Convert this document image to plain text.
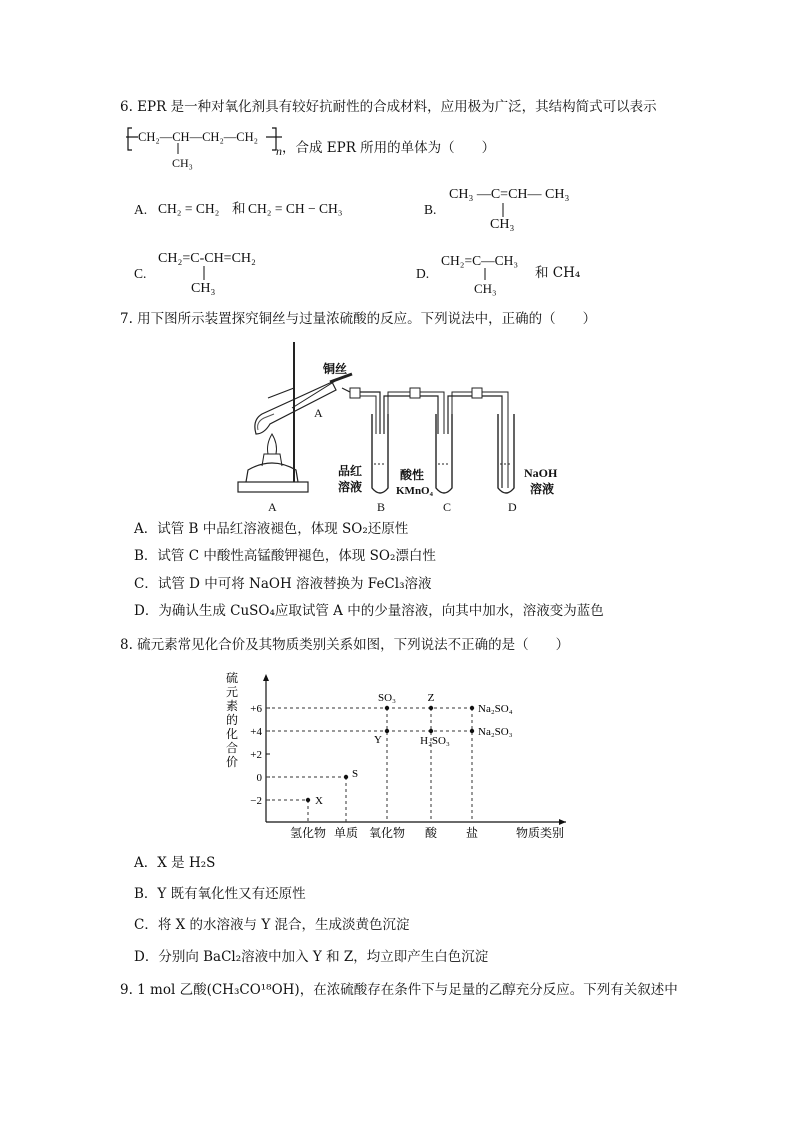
6. EPR 是一种对氧化剂具有较好抗耐性的合成材料，应用极为广泛，其结构简式可以表示
CH₂—CH—CH₂—CH₂
CH₃
n ，合成 EPR 所用的单体为（　　）
A. CH₂ = CH₂ 和 CH₂ = CH − CH₃	B.
CH₃ —C=CH— CH₃
CH₃
C.
CH₂=C-CH=CH₂
CH₃
D.
CH₂=C—CH₃
CH₃
和 CH₄
7. 用下图所示装置探究铜丝与过量浓硫酸的反应。下列说法中，正确的（　　）
铜丝
A
品红
溶液
酸性
KMnO₄
NaOH
溶液
A	B	C	D
A．试管 B 中品红溶液褪色，体现 SO₂还原性
B．试管 C 中酸性高锰酸钾褪色，体现 SO₂漂白性
C．试管 D 中可将 NaOH 溶液替换为 FeCl₃溶液
D．为确认生成 CuSO₄应取试管 A 中的少量溶液，向其中加水，溶液变为蓝色
8. 硫元素常见化合价及其物质类别关系如图，下列说法不正确的是（　　）
+6
+4
+2
0
−2
硫
元
素
的
化
合
价
氢化物 单质 氧化物 酸 盐	物质类别
X
S
Y
SO₃	Z
H₂SO₃
Na₂SO₄
Na₂SO₃
A．X 是 H₂S
B．Y 既有氧化性又有还原性
C．将 X 的水溶液与 Y 混合，生成淡黄色沉淀
D．分别向 BaCl₂溶液中加入 Y 和 Z，均立即产生白色沉淀
9. 1 mol 乙酸(CH₃CO¹⁸OH)，在浓硫酸存在条件下与足量的乙醇充分反应。下列有关叙述中
